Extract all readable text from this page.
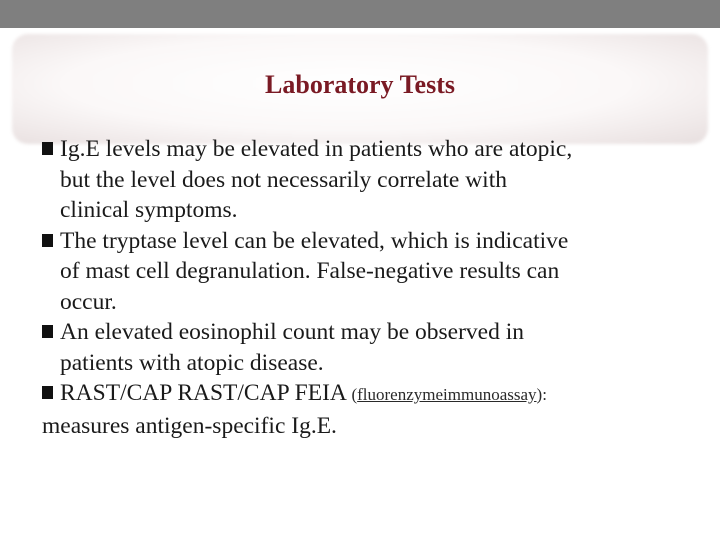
Laboratory Tests

Ig.E levels may be elevated in patients who are atopic,
but the level does not necessarily correlate with
clinical symptoms.

The tryptase level can be elevated, which is indicative
of mast cell degranulation. False-negative results can
occur.

An elevated eosinophil count may be observed in
patients with atopic disease.

RAST/CAP RAST/CAP FEIA (fluorenzymeimmunoassay):
measures antigen-specific Ig.E.
